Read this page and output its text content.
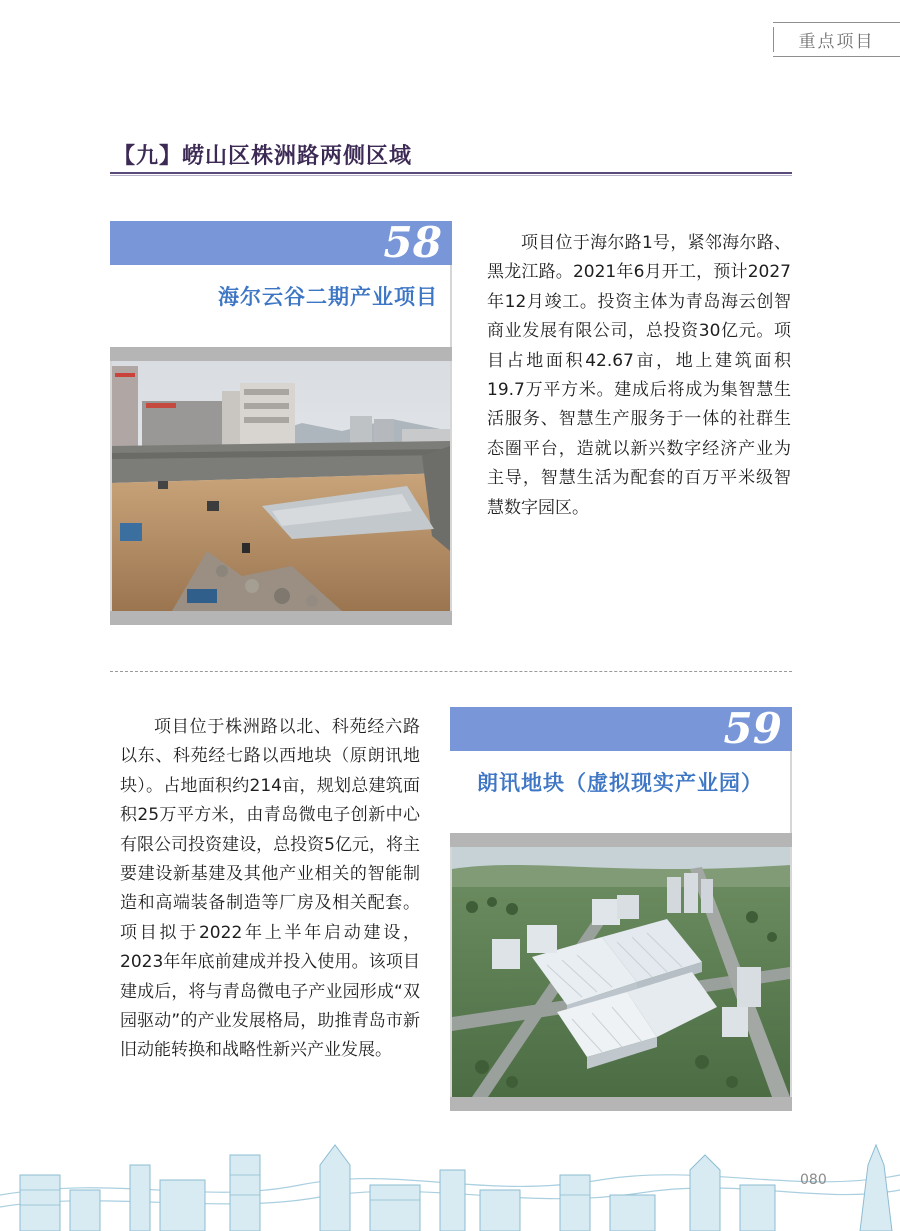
重点项目
【九】崂山区株洲路两侧区域
58
海尔云谷二期产业项目
项目位于海尔路1号，紧邻海尔路、黑龙江路。2021年6月开工，预计2027年12月竣工。投资主体为青岛海云创智商业发展有限公司，总投资30亿元。项目占地面积42.67亩，地上建筑面积19.7万平方米。建成后将成为集智慧生活服务、智慧生产服务于一体的社群生态圈平台，造就以新兴数字经济产业为主导，智慧生活为配套的百万平米级智慧数字园区。
项目位于株洲路以北、科苑经六路以东、科苑经七路以西地块（原朗讯地块）。占地面积约214亩，规划总建筑面积25万平方米，由青岛微电子创新中心有限公司投资建设，总投资5亿元，将主要建设新基建及其他产业相关的智能制造和高端装备制造等厂房及相关配套。项目拟于2022年上半年启动建设，2023年年底前建成并投入使用。该项目建成后，将与青岛微电子产业园形成“双园驱动”的产业发展格局，助推青岛市新旧动能转换和战略性新兴产业发展。
59
朗讯地块（虚拟现实产业园）
080
